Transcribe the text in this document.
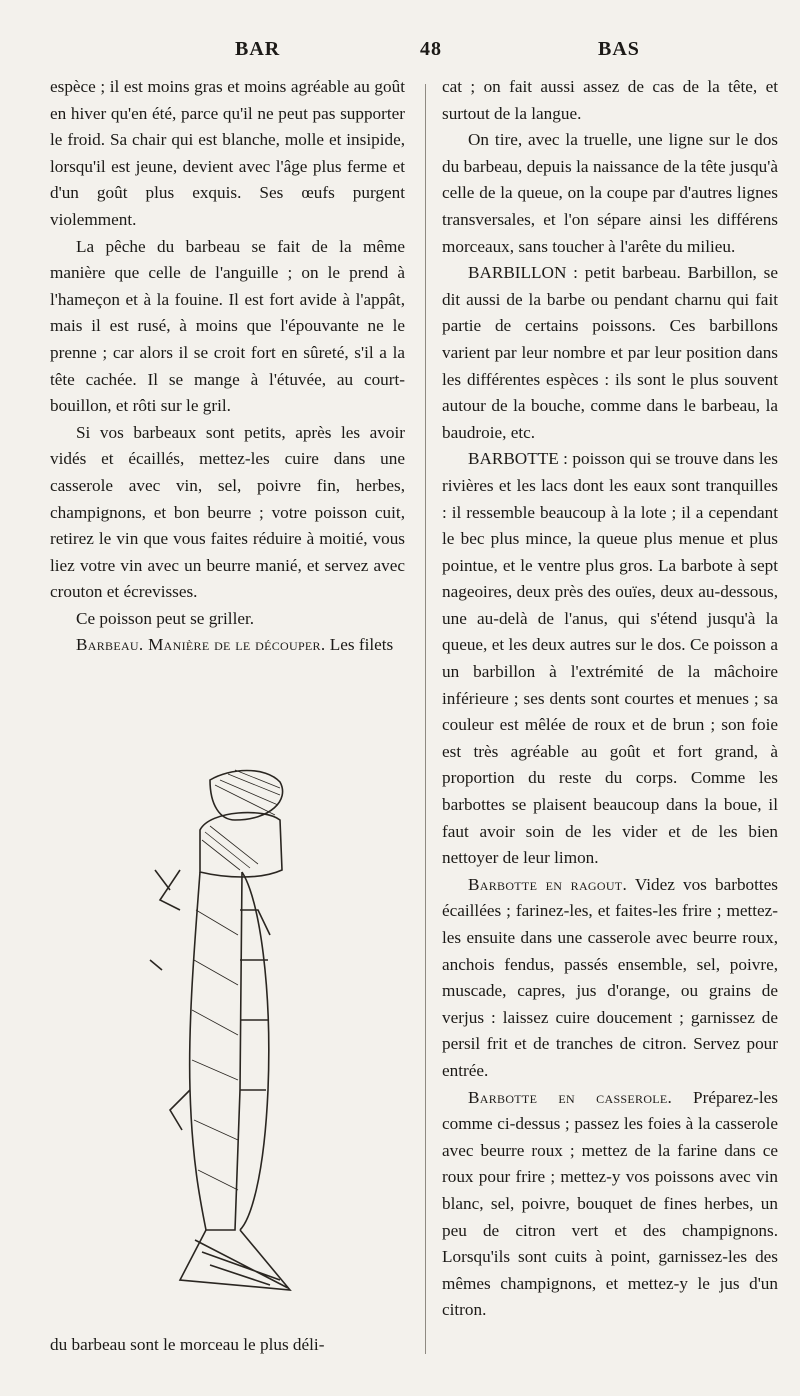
BAR	48	BAS

espèce ; il est moins gras et moins agréable au goût en hiver qu'en été, parce qu'il ne peut pas supporter le froid. Sa chair qui est blanche, molle et insipide, lorsqu'il est jeune, devient avec l'âge plus ferme et d'un goût plus exquis. Ses œufs purgent violemment.

La pêche du barbeau se fait de la même manière que celle de l'anguille ; on le prend à l'hameçon et à la fouine. Il est fort avide à l'appât, mais il est rusé, à moins que l'épouvante ne le prenne ; car alors il se croit fort en sûreté, s'il a la tête cachée. Il se mange à l'étuvée, au court-bouillon, et rôti sur le gril.

Si vos barbeaux sont petits, après les avoir vidés et écaillés, mettez-les cuire dans une casserole avec vin, sel, poivre fin, herbes, champignons, et bon beurre ; votre poisson cuit, retirez le vin que vous faites réduire à moitié, vous liez votre vin avec un beurre manié, et servez avec crouton et écrevisses.

Ce poisson peut se griller.

Barbeau. Manière de le découper. Les filets

cat ; on fait aussi assez de cas de la tête, et surtout de la langue.

On tire, avec la truelle, une ligne sur le dos du barbeau, depuis la naissance de la tête jusqu'à celle de la queue, on la coupe par d'autres lignes transversales, et l'on sépare ainsi les différens morceaux, sans toucher à l'arête du milieu.

BARBILLON : petit barbeau. Barbillon, se dit aussi de la barbe ou pendant charnu qui fait partie de certains poissons. Ces barbillons varient par leur nombre et par leur position dans les différentes espèces : ils sont le plus souvent autour de la bouche, comme dans le barbeau, la baudroie, etc.

BARBOTTE : poisson qui se trouve dans les rivières et les lacs dont les eaux sont tranquilles : il ressemble beaucoup à la lote ; il a cependant le bec plus mince, la queue plus menue et plus pointue, et le ventre plus gros. La barbote à sept nageoires, deux près des ouïes, deux au-dessous, une au-delà de l'anus, qui s'étend jusqu'à la queue, et les deux autres sur le dos. Ce poisson a un barbillon à l'extrémité de la mâchoire inférieure ; ses dents sont courtes et menues ; sa couleur est mêlée de roux et de brun ; son foie est très agréable au goût et fort grand, à proportion du reste du corps. Comme les barbottes se plaisent beaucoup dans la boue, il faut avoir soin de les vider et de les bien nettoyer de leur limon.

Barbotte en ragout. Videz vos barbottes écaillées ; farinez-les, et faites-les frire ; mettez-les ensuite dans une casserole avec beurre roux, anchois fendus, passés ensemble, sel, poivre, muscade, capres, jus d'orange, ou grains de verjus : laissez cuire doucement ; garnissez de persil frit et de tranches de citron. Servez pour entrée.

Barbotte en casserole. Préparez-les comme ci-dessus ; passez les foies à la casserole avec beurre roux ; mettez de la farine dans ce roux pour frire ; mettez-y vos poissons avec vin blanc, sel, poivre, bouquet de fines herbes, un peu de citron vert et des champignons. Lorsqu'ils sont cuits à point, garnissez-les des mêmes champignons, et mettez-y le jus d'un citron.

du barbeau sont le morceau le plus déli-
